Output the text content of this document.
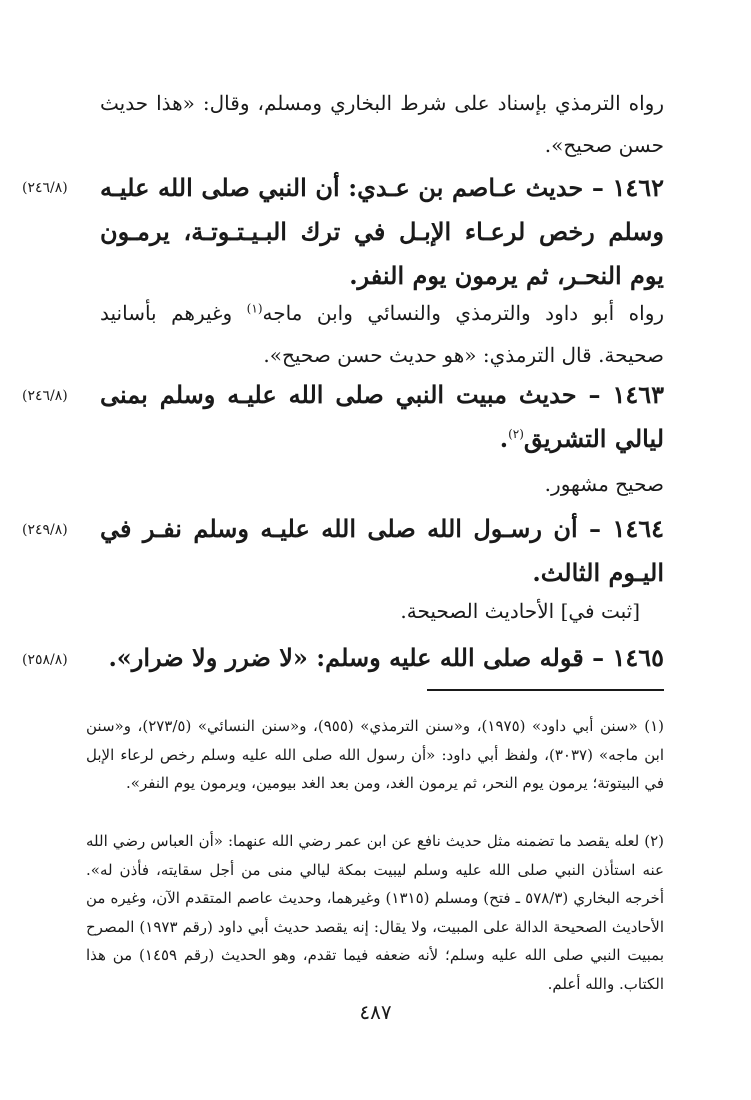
رواه الترمذي بإسناد على شرط البخاري ومسلم، وقال: «هذا حديث حسن صحيح».

(٢٤٦/٨)	١٤٦٢ – حديث عـاصم بن عـدي: أن النبي صلى الله عليـه وسلم رخص لرعـاء الإبـل في ترك البـيـتـوتـة، يرمـون يوم النحـر، ثم يرمون يوم النفر.

رواه أبو داود والترمذي والنسائي وابن ماجه$^{(١)}$ وغيرهم بأسانيد صحيحة. قال الترمذي: «هو حديث حسن صحيح».

(٢٤٦/٨)	١٤٦٣ – حديث مبيت النبي صلى الله عليـه وسلم بمنى ليالي التشريق$^{(٢)}$.

صحيح مشهور.

(٢٤٩/٨)	١٤٦٤ – أن رسـول الله صلى الله عليـه وسلم نفـر في اليـوم الثالث.

[ثبت في] الأحاديث الصحيحة.

(٢٥٨/٨)	١٤٦٥ – قوله صلى الله عليه وسلم: «لا ضرر ولا ضرار».

(١) «سنن أبي داود» (١٩٧٥)، و«سنن الترمذي» (٩٥٥)، و«سنن النسائي» (٢٧٣/٥)، و«سنن ابن ماجه» (٣٠٣٧)، ولفظ أبي داود: «أن رسول الله صلى الله عليه وسلم رخص لرعاء الإبل في البيتوتة؛ يرمون يوم النحر، ثم يرمون الغد، ومن بعد الغد بيومين، ويرمون يوم النفر».

(٢) لعله يقصد ما تضمنه مثل حديث نافع عن ابن عمر رضي الله عنهما: «أن العباس رضي الله عنه استأذن النبي صلى الله عليه وسلم ليبيت بمكة ليالي منى من أجل سقايته، فأذن له». أخرجه البخاري (٥٧٨/٣ ـ فتح) ومسلم (١٣١٥) وغيرهما، وحديث عاصم المتقدم الآن، وغيره من الأحاديث الصحيحة الدالة على المبيت، ولا يقال: إنه يقصد حديث أبي داود (رقم ١٩٧٣) المصرح بمبيت النبي صلى الله عليه وسلم؛ لأنه ضعفه فيما تقدم، وهو الحديث (رقم ١٤٥٩) من هذا الكتاب. والله أعلم.

٤٨٧
